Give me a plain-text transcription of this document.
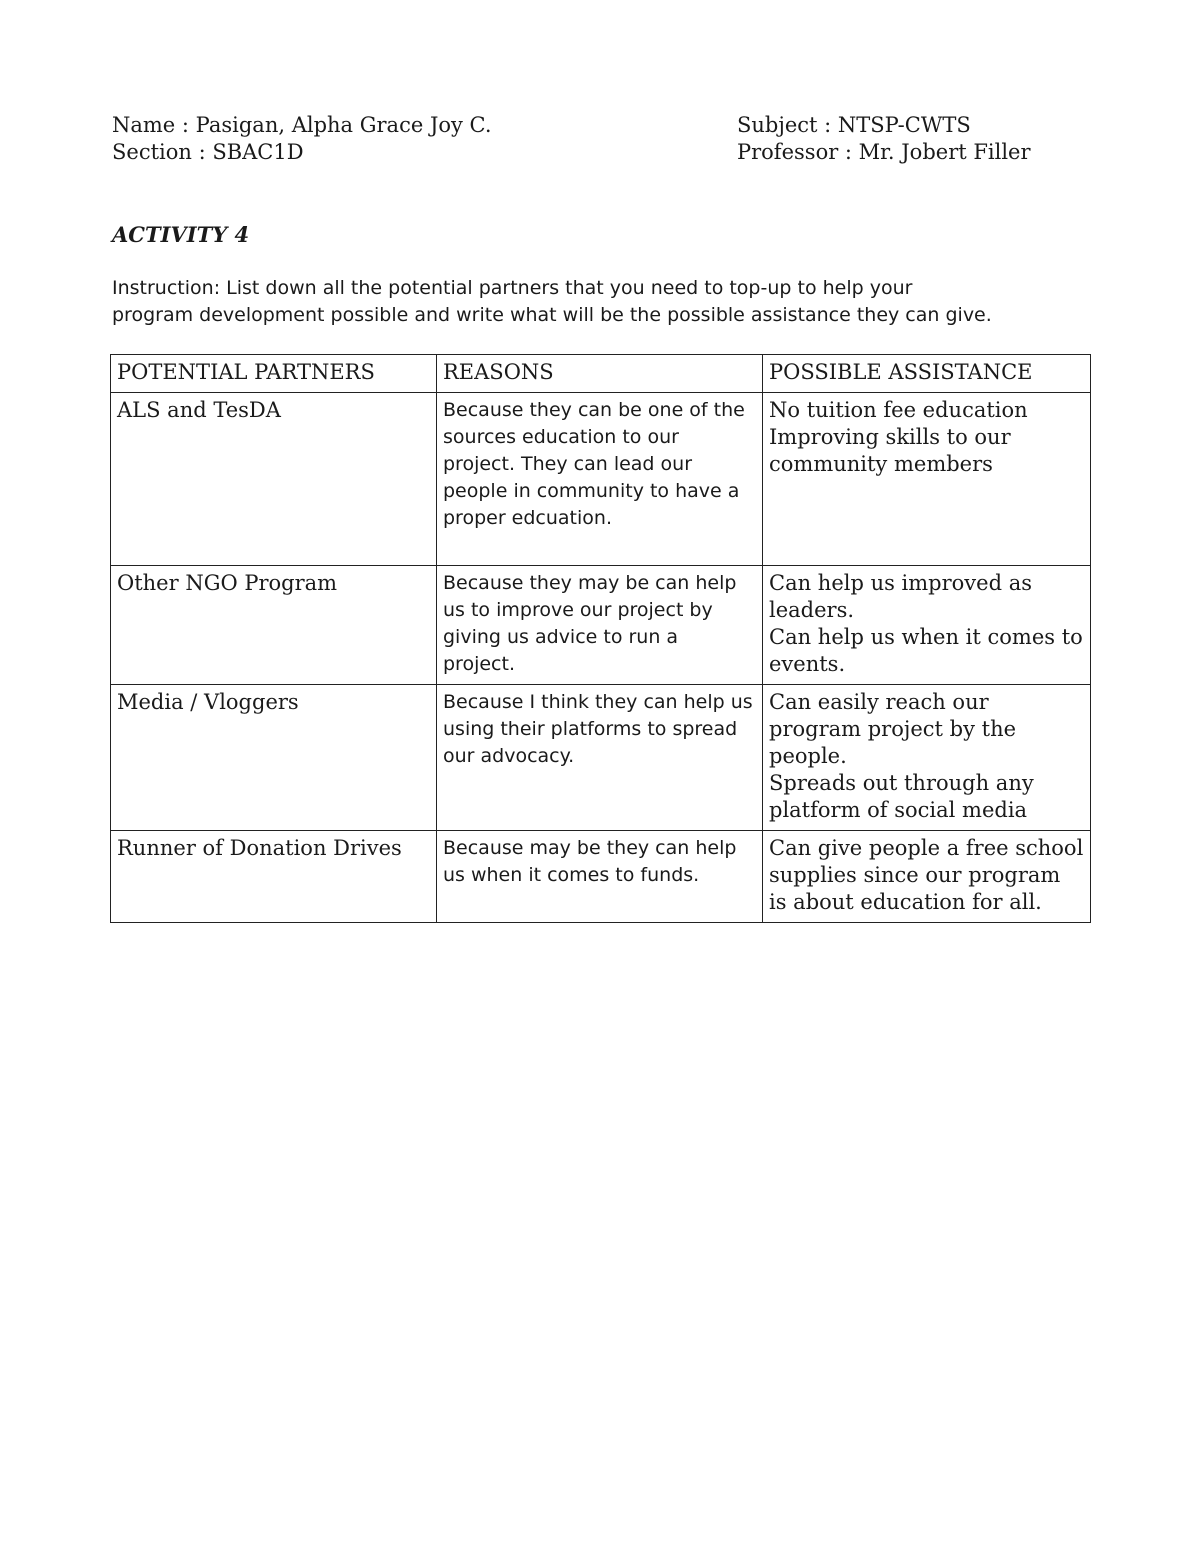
Name : Pasigan, Alpha Grace Joy C.
Section : SBAC1D
Subject : NTSP-CWTS
Professor : Mr. Jobert Filler
ACTIVITY 4
Instruction: List down all the potential partners that you need to top-up to help your
program development possible and write what will be the possible assistance they can give.
POTENTIAL PARTNERS	REASONS	POSSIBLE ASSISTANCE
ALS and TesDA	Because they can be one of the sources education to our project. They can lead our people in community to have a proper edcuation.	No tuition fee education
Improving skills to our community members

Other NGO Program	Because they may be can help us to improve our project by giving us advice to run a project.	Can help us improved as leaders.
Can help us when it comes to events.

Media / Vloggers	Because I think they can help us using their platforms to spread our advocacy.	Can easily reach our program project by the people.
Spreads out through any platform of social media

Runner of Donation Drives	Because may be they can help us when it comes to funds.	Can give people a free school supplies since our program is about education for all.
